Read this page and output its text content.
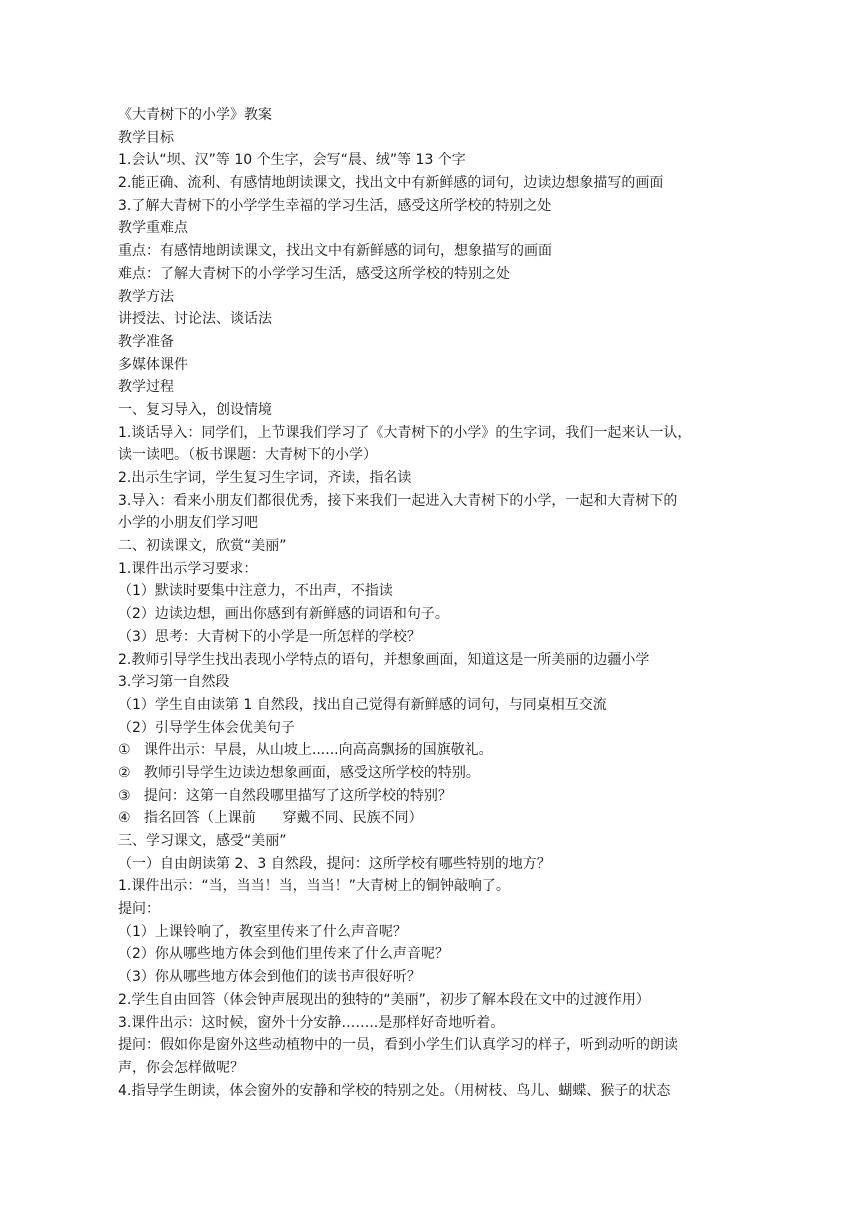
《大青树下的小学》教案
教学目标
1.会认“坝、汉”等 10 个生字，会写“晨、绒”等 13 个字
2.能正确、流利、有感情地朗读课文，找出文中有新鲜感的词句，边读边想象描写的画面
3.了解大青树下的小学学生幸福的学习生活，感受这所学校的特别之处
教学重难点
重点：有感情地朗读课文，找出文中有新鲜感的词句，想象描写的画面
难点：了解大青树下的小学学习生活，感受这所学校的特别之处
教学方法
讲授法、讨论法、谈话法
教学准备
多媒体课件
教学过程
一、复习导入，创设情境
1.谈话导入：同学们，上节课我们学习了《大青树下的小学》的生字词，我们一起来认一认，
读一读吧。（板书课题：大青树下的小学）
2.出示生字词，学生复习生字词，齐读，指名读
3.导入：看来小朋友们都很优秀，接下来我们一起进入大青树下的小学，一起和大青树下的
小学的小朋友们学习吧
二、初读课文，欣赏“美丽”
1.课件出示学习要求：
（1）默读时要集中注意力，不出声，不指读
（2）边读边想，画出你感到有新鲜感的词语和句子。
（3）思考：大青树下的小学是一所怎样的学校？
2.教师引导学生找出表现小学特点的语句，并想象画面，知道这是一所美丽的边疆小学
3.学习第一自然段
（1）学生自由读第 1 自然段，找出自己觉得有新鲜感的词句，与同桌相互交流
（2）引导学生体会优美句子
①   课件出示：早晨，从山坡上......向高高飘扬的国旗敬礼。
②   教师引导学生边读边想象画面，感受这所学校的特别。
③   提问：这第一自然段哪里描写了这所学校的特别？
④   指名回答（上课前      穿戴不同、民族不同）
三、学习课文，感受“美丽”
（一）自由朗读第 2、3 自然段，提问：这所学校有哪些特别的地方？
1.课件出示：“当，当当！当，当当！”大青树上的铜钟敲响了。
提问：
（1）上课铃响了，教室里传来了什么声音呢？
（2）你从哪些地方体会到他们里传来了什么声音呢？
（3）你从哪些地方体会到他们的读书声很好听？
2.学生自由回答（体会钟声展现出的独特的“美丽”，初步了解本段在文中的过渡作用）
3.课件出示：这时候，窗外十分安静……..是那样好奇地听着。
提问：假如你是窗外这些动植物中的一员，看到小学生们认真学习的样子，听到动听的朗读
声，你会怎样做呢？
4.指导学生朗读，体会窗外的安静和学校的特别之处。（用树枝、鸟儿、蝴蝶、猴子的状态
